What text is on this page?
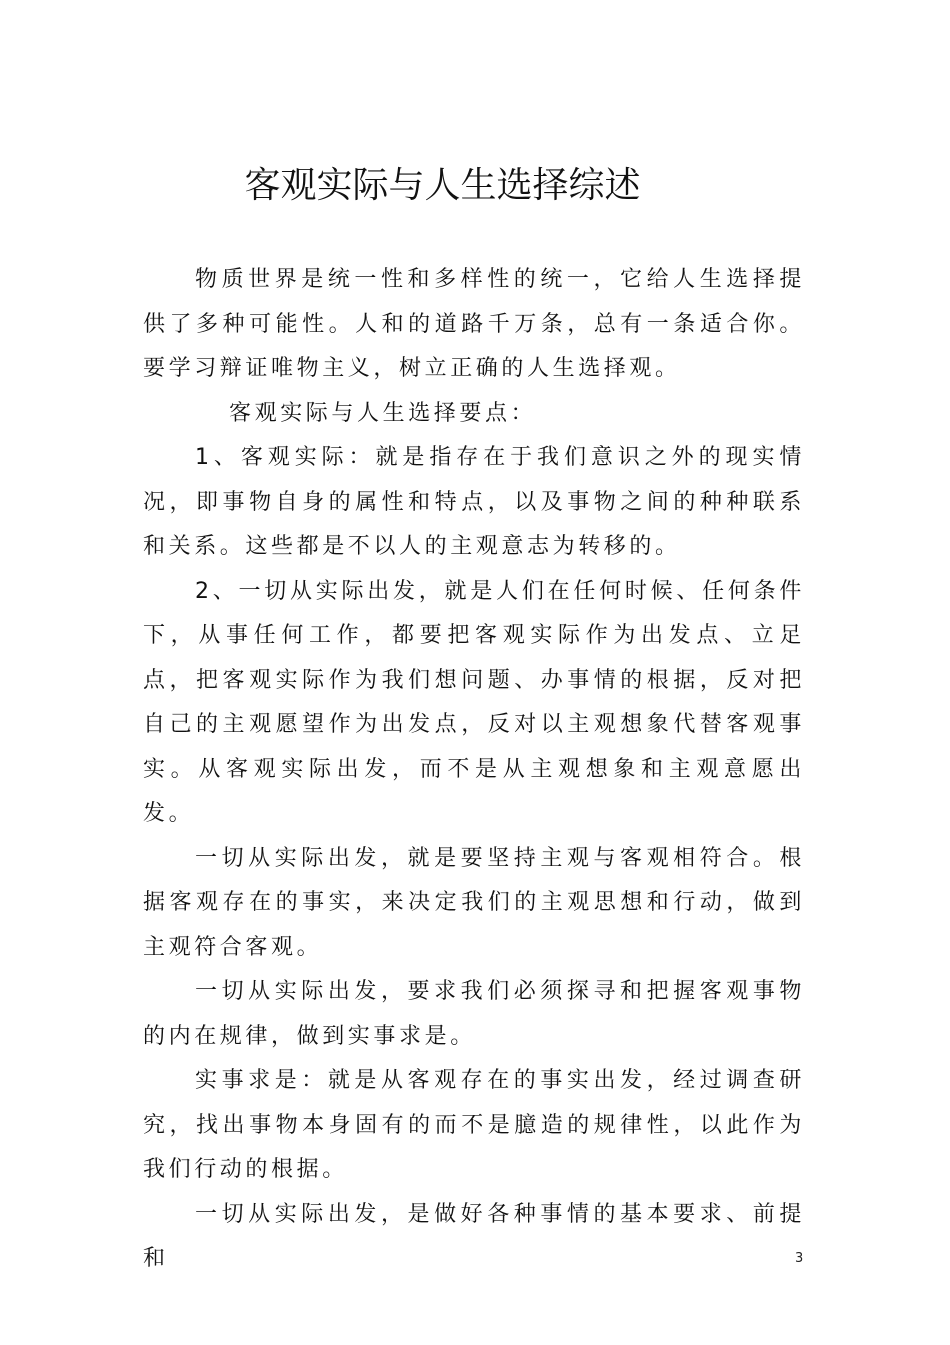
客观实际与人生选择综述

物质世界是统一性和多样性的统一，它给人生选择提供了多种可能性。人和的道路千万条，总有一条适合你。要学习辩证唯物主义，树立正确的人生选择观。

客观实际与人生选择要点：

1、客观实际：就是指存在于我们意识之外的现实情况，即事物自身的属性和特点，以及事物之间的种种联系和关系。这些都是不以人的主观意志为转移的。

2、一切从实际出发，就是人们在任何时候、任何条件下，从事任何工作，都要把客观实际作为出发点、立足点，把客观实际作为我们想问题、办事情的根据，反对把自己的主观愿望作为出发点，反对以主观想象代替客观事实。从客观实际出发，而不是从主观想象和主观意愿出发。

一切从实际出发，就是要坚持主观与客观相符合。根据客观存在的事实，来决定我们的主观思想和行动，做到主观符合客观。

一切从实际出发，要求我们必须探寻和把握客观事物的内在规律，做到实事求是。

实事求是：就是从客观存在的事实出发，经过调查研究，找出事物本身固有的而不是臆造的规律性，以此作为我们行动的根据。

一切从实际出发，是做好各种事情的基本要求、前提和	3
